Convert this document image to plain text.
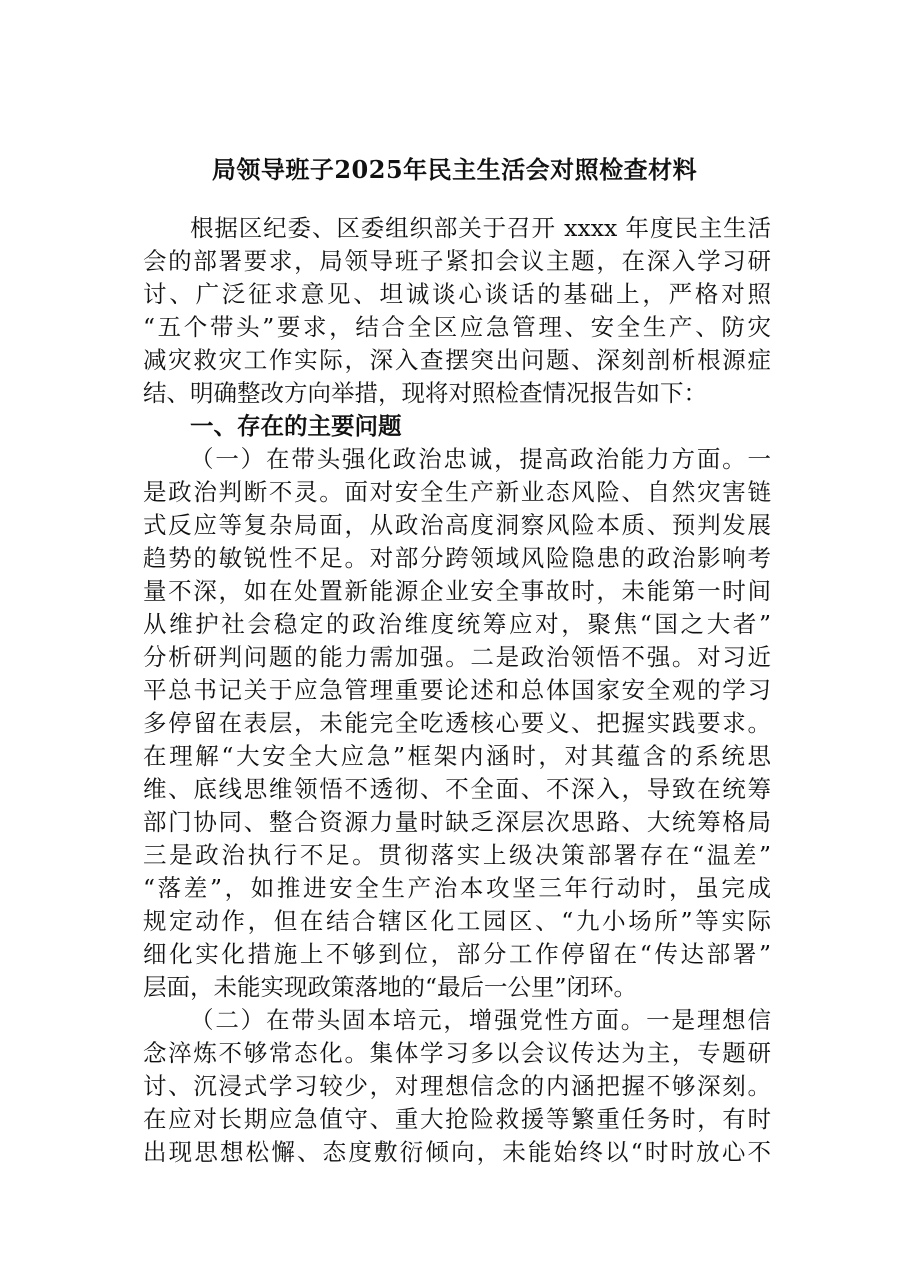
局领导班子2025年民主生活会对照检查材料

根据区纪委、区委组织部关于召开 xxxx 年度民主生活

会的部署要求，局领导班子紧扣会议主题，在深入学习研

讨、广泛征求意见、坦诚谈心谈话的基础上，严格对照

“五个带头”要求，结合全区应急管理、安全生产、防灾

减灾救灾工作实际，深入查摆突出问题、深刻剖析根源症

结、明确整改方向举措，现将对照检查情况报告如下：

一、存在的主要问题

（一）在带头强化政治忠诚，提高政治能力方面。一

是政治判断不灵。面对安全生产新业态风险、自然灾害链

式反应等复杂局面，从政治高度洞察风险本质、预判发展

趋势的敏锐性不足。对部分跨领域风险隐患的政治影响考

量不深，如在处置新能源企业安全事故时，未能第一时间

从维护社会稳定的政治维度统筹应对，聚焦“国之大者”

分析研判问题的能力需加强。二是政治领悟不强。对习近

平总书记关于应急管理重要论述和总体国家安全观的学习

多停留在表层，未能完全吃透核心要义、把握实践要求。

在理解“大安全大应急”框架内涵时，对其蕴含的系统思

维、底线思维领悟不透彻、不全面、不深入，导致在统筹

部门协同、整合资源力量时缺乏深层次思路、大统筹格局

三是政治执行不足。贯彻落实上级决策部署存在“温差”

“落差”，如推进安全生产治本攻坚三年行动时，虽完成

规定动作，但在结合辖区化工园区、“九小场所”等实际

细化实化措施上不够到位，部分工作停留在“传达部署”

层面，未能实现政策落地的“最后一公里”闭环。

（二）在带头固本培元，增强党性方面。一是理想信

念淬炼不够常态化。集体学习多以会议传达为主，专题研

讨、沉浸式学习较少，对理想信念的内涵把握不够深刻。

在应对长期应急值守、重大抢险救援等繁重任务时，有时

出现思想松懈、态度敷衍倾向，未能始终以“时时放心不
